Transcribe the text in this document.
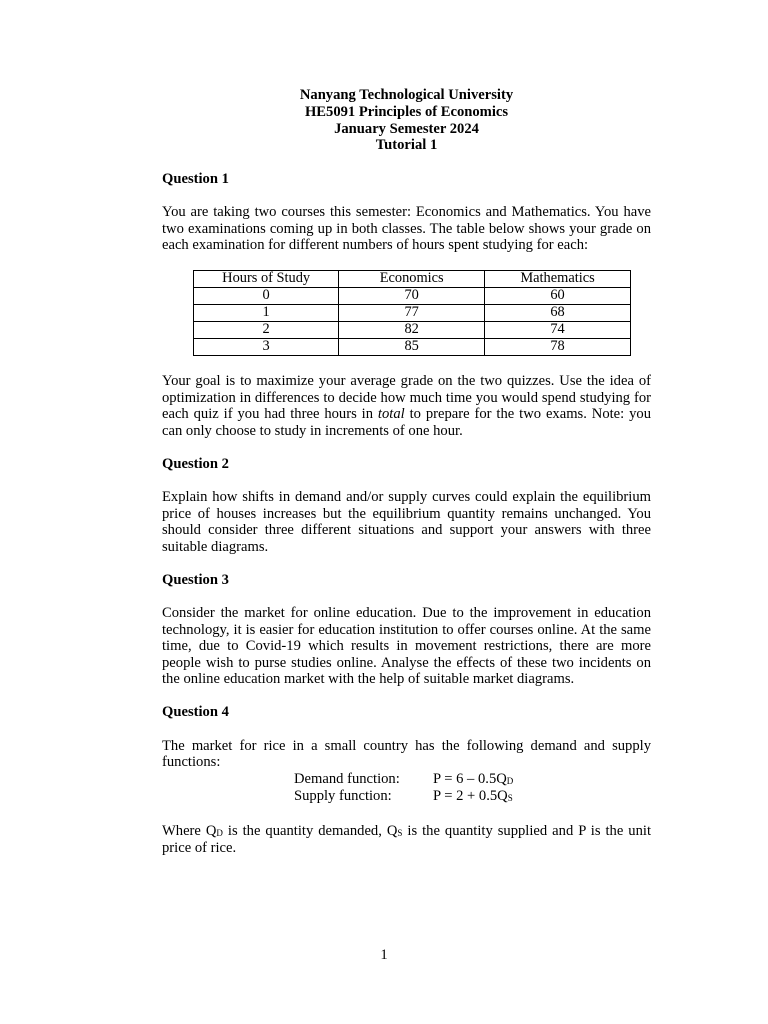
Nanyang Technological University
HE5091 Principles of Economics
January Semester 2024
Tutorial 1
Question 1

You are taking two courses this semester: Economics and Mathematics. You have two examinations coming up in both classes. The table below shows your grade on each examination for different numbers of hours spent studying for each:

Hours of Study	Economics	Mathematics
0	70	60
1	77	68
2	82	74
3	85	78

Your goal is to maximize your average grade on the two quizzes. Use the idea of optimization in differences to decide how much time you would spend studying for each quiz if you had three hours in total to prepare for the two exams. Note: you can only choose to study in increments of one hour.

Question 2

Explain how shifts in demand and/or supply curves could explain the equilibrium price of houses increases but the equilibrium quantity remains unchanged. You should consider three different situations and support your answers with three suitable diagrams.

Question 3

Consider the market for online education. Due to the improvement in education technology, it is easier for education institution to offer courses online. At the same time, due to Covid-19 which results in movement restrictions, there are more people wish to purse studies online. Analyse the effects of these two incidents on the online education market with the help of suitable market diagrams.

Question 4

The market for rice in a small country has the following demand and supply functions:

Demand function:	$P = 6 - 0.5Q_D$
Supply function:	$P = 2 + 0.5Q_S$

Where $Q_D$ is the quantity demanded, $Q_S$ is the quantity supplied and P is the unit price of rice.

1
